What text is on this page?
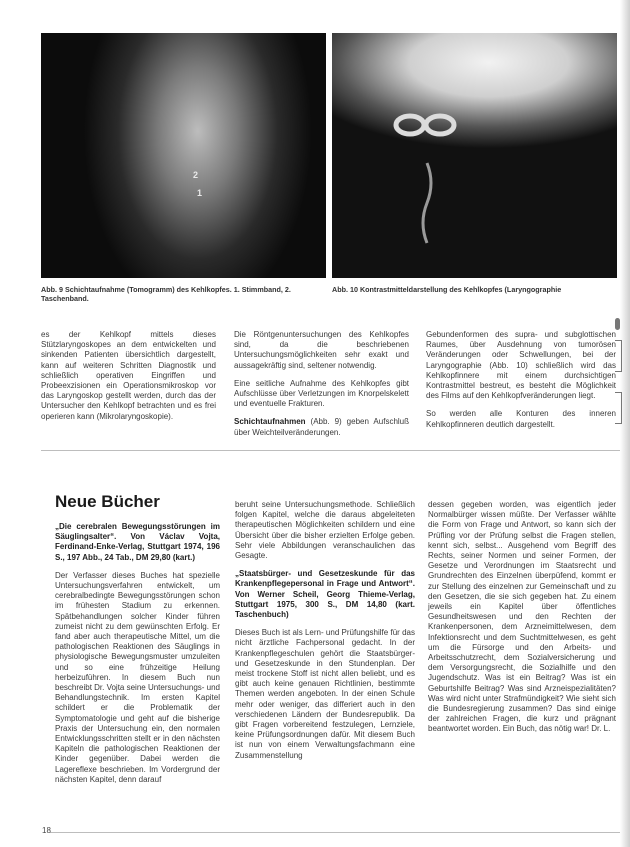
2
1
Abb. 9 Schichtaufnahme (Tomogramm) des Kehlkopfes. 1. Stimmband, 2. Taschenband.
Abb. 10 Kontrastmitteldarstellung des Kehlkopfes (Laryngographie

es der Kehlkopf mittels dieses Stützlaryngoskopes an dem entwickelten und sinkenden Patienten übersichtlich dargestellt, kann auf weiteren Schritten Diagnostik und schließlich operativen Eingriffen und Probeexzisionen ein Operationsmikroskop vor das Laryngoskop gestellt werden, durch das der Untersucher den Kehlkopf betrachten und es frei operieren kann (Mikrolaryngoskopie).

Die Röntgenuntersuchungen des Kehlkopfes sind, da die beschriebenen Untersuchungsmöglichkeiten sehr exakt und aussagekräftig sind, seltener notwendig.

Eine seitliche Aufnahme des Kehlkopfes gibt Aufschlüsse über Verletzungen im Knorpelskelett und eventuelle Frakturen.

Schichtaufnahmen (Abb. 9) geben Aufschluß über Weichteilveränderungen.

Gebundenformen des supra- und subglottischen Raumes, über Ausdehnung von tumorösen Veränderungen oder Schwellungen, bei der Laryngographie (Abb. 10) schließlich wird das Kehlkopfinnere mit einem durchsichtigen Kontrastmittel bestreut, es besteht die Möglichkeit des Films auf den Kehlkopfveränderungen liegt.

So werden alle Konturen des inneren Kehlkopfinneren deutlich dargestellt.

Neue Bücher

„Die cerebralen Bewegungsstörungen im Säuglingsalter“. Von Václav Vojta, Ferdinand-Enke-Verlag, Stuttgart 1974, 196 S., 197 Abb., 24 Tab., DM 29,80 (kart.)

Der Verfasser dieses Buches hat spezielle Untersuchungsverfahren entwickelt, um cerebralbedingte Bewegungsstörungen schon im frühesten Stadium zu erkennen. Spätbehandlungen solcher Kinder führen zumeist nicht zu dem gewünschten Erfolg. Er fand aber auch therapeutische Mittel, um die pathologischen Reaktionen des Säuglings in physiologische Bewegungsmuster umzuleiten und so eine frühzeitige Heilung herbeizuführen. In diesem Buch nun beschreibt Dr. Vojta seine Untersuchungs- und Behandlungstechnik. Im ersten Kapitel schildert er die Problematik der Symptomatologie und geht auf die bisherige Praxis der Untersuchung ein, den normalen Entwicklungsschritten stellt er in den nächsten Kapiteln die pathologischen Reaktionen der Kinder gegenüber. Dabei werden die Lagereflexe beschrieben. Im Vordergrund der nächsten Kapitel, denn darauf

beruht seine Untersuchungsmethode. Schließlich folgen Kapitel, welche die daraus abgeleiteten therapeutischen Möglichkeiten schildern und eine Übersicht über die bisher erzielten Erfolge geben. Sehr viele Abbildungen veranschaulichen das Gesagte.

„Staatsbürger- und Gesetzeskunde für das Krankenpflegepersonal in Frage und Antwort“. Von Werner Scheil, Georg Thieme-Verlag, Stuttgart 1975, 300 S., DM 14,80 (kart. Taschenbuch)

Dieses Buch ist als Lern- und Prüfungshilfe für das nicht ärztliche Fachpersonal gedacht. In der Krankenpflegeschulen gehört die Staatsbürger- und Gesetzeskunde in den Stundenplan. Der meist trockene Stoff ist nicht allen beliebt, und es gibt auch keine genauen Richtlinien, bestimmte Themen werden angeboten. In der einen Schule mehr oder weniger, das differiert auch in den verschiedenen Ländern der Bundesrepublik. Da gibt Fragen vorbereitend festzulegen, Lernziele, keine Prüfungsordnungen dafür. Mit diesem Buch ist nun von einem Verwaltungsfachmann eine Zusammenstellung

dessen gegeben worden, was eigentlich jeder Normalbürger wissen müßte. Der Verfasser wählte die Form von Frage und Antwort, so kann sich der Prüfling vor der Prüfung selbst die Fragen stellen, kennt sich, selbst... Ausgehend vom Begriff des Rechts, seiner Normen und seiner Formen, der Gesetze und Verordnungen im Staatsrecht und Grundrechten des Einzelnen überpüfend, kommt er zur Stellung des einzelnen zur Gemeinschaft und zu den Gesetzen, die sie sich gegeben hat. Zu einem jeweils ein Kapitel über öffentliches Gesundheitswesen und den Rechten der Krankenpersonen, dem Arzneimittelwesen, dem Infektionsrecht und dem Suchtmittelwesen, es geht um die Fürsorge und den Arbeits- und Arbeitsschutzrecht, dem Sozialversicherung und dem Versorgungsrecht, die Sozialhilfe und den Jugendschutz. Was ist ein Beitrag? Was ist ein Geburtshilfe Beitrag? Was sind Arzneispezialitäten? Was wird nicht unter Strafmündigkeit? Wie sieht sich die Bundesregierung zusammen? Das sind einige der zahlreichen Fragen, die kurz und prägnant beantwortet worden. Ein Buch, das nötig war! Dr. L.

18
